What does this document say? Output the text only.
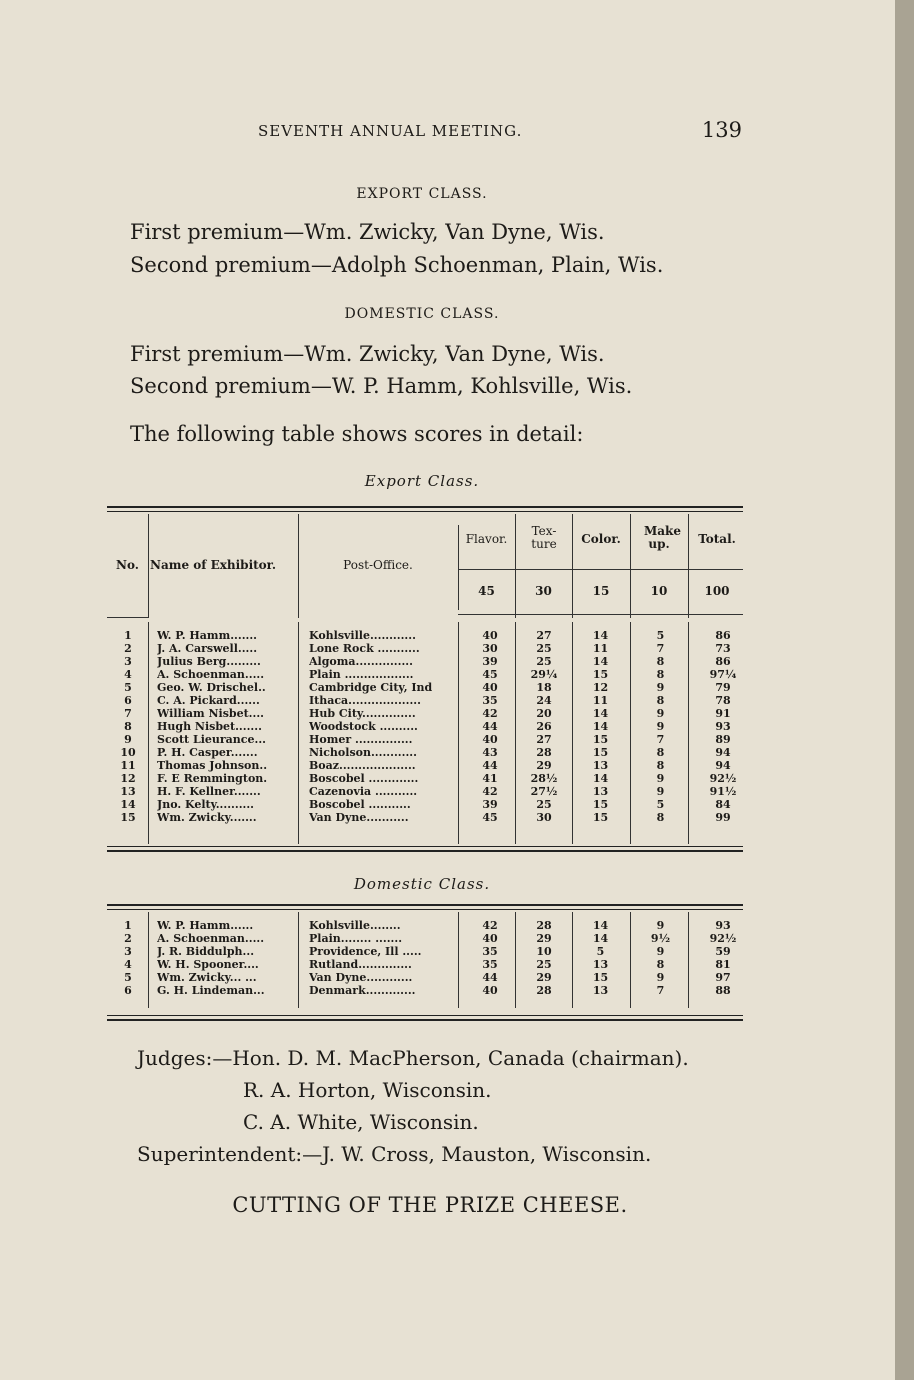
SEVENTH ANNUAL MEETING.	139
EXPORT CLASS.
First premium—Wm. Zwicky, Van Dyne, Wis.
Second premium—Adolph Schoenman, Plain, Wis.
DOMESTIC CLASS.
First premium—Wm. Zwicky, Van Dyne, Wis.
Second premium—W. P. Hamm, Kohlsville, Wis.
The following table shows scores in detail:
Export Class.
No. Name of Exhibitor.	Post-Office.
Flavor.
Tex- ture	Color.
Make up.	Total.
45	30	15	10	100
1	W. P. Hamm.......	Kohlsville............	40	27	14	5	86
2	J. A. Carswell.....	Lone Rock ...........	30	25	11	7	73
3	Julius Berg.........	Algoma...............	39	25	14	8	86
4	A. Schoenman.....	Plain ..................	45	29¼	15	8	97¼
5	Geo. W. Drischel..	Cambridge City, Ind	40	18	12	9	79
6	C. A. Pickard......	Ithaca...................	35	24	11	8	78
7	William Nisbet....	Hub City..............	42	20	14	9	91
8	Hugh Nisbet.......	Woodstock ..........	44	26	14	9	93
9	Scott Lieurance...	Homer ...............	40	27	15	7	89
10	P. H. Casper.......	Nicholson............	43	28	15	8	94
11	Thomas Johnson..	Boaz....................	44	29	13	8	94
12	F. E Remmington.	Boscobel .............	41	28½	14	9	92½
13	H. F. Kellner.......	Cazenovia ...........	42	27½	13	9	91½
14	Jno. Kelty..........	Boscobel ...........	39	25	15	5	84
15	Wm. Zwicky.......	Van Dyne...........	45	30	15	8	99
Domestic Class.
1	W. P. Hamm......	Kohlsville........	42	28	14	9	93
2	A. Schoenman.....	Plain........ .......	40	29	14	9½	92½
3	J. R. Biddulph...	Providence, Ill .....	35	10	5	9	59
4	W. H. Spooner....	Rutland..............	35	25	13	8	81
5	Wm. Zwicky... ...	Van Dyne............	44	29	15	9	97
6	G. H. Lindeman...	Denmark.............	40	28	13	7	88
Judges:—Hon. D. M. MacPherson, Canada (chairman).
R. A. Horton, Wisconsin.
C. A. White, Wisconsin.
Superintendent:—J. W. Cross, Mauston, Wisconsin.
CUTTING OF THE PRIZE CHEESE.
